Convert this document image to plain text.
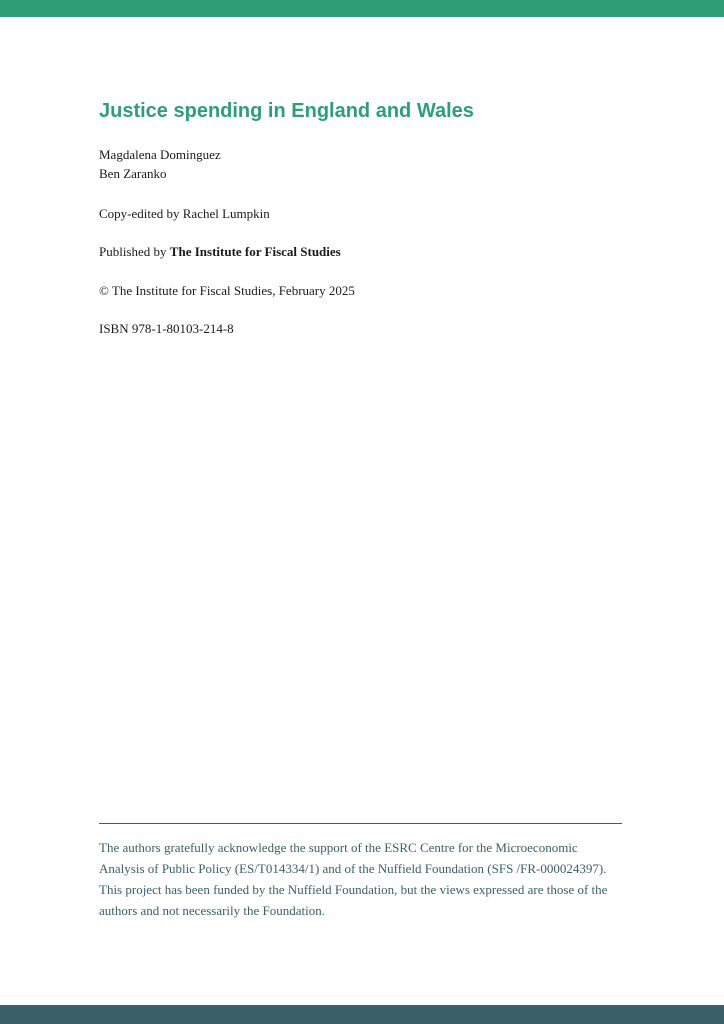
Justice spending in England and Wales
Magdalena Dominguez
Ben Zaranko
Copy-edited by Rachel Lumpkin
Published by The Institute for Fiscal Studies
© The Institute for Fiscal Studies, February 2025
ISBN 978-1-80103-214-8

The authors gratefully acknowledge the support of the ESRC Centre for the Microeconomic Analysis of Public Policy (ES/T014334/1) and of the Nuffield Foundation (SFS /FR-000024397). This project has been funded by the Nuffield Foundation, but the views expressed are those of the authors and not necessarily the Foundation.
